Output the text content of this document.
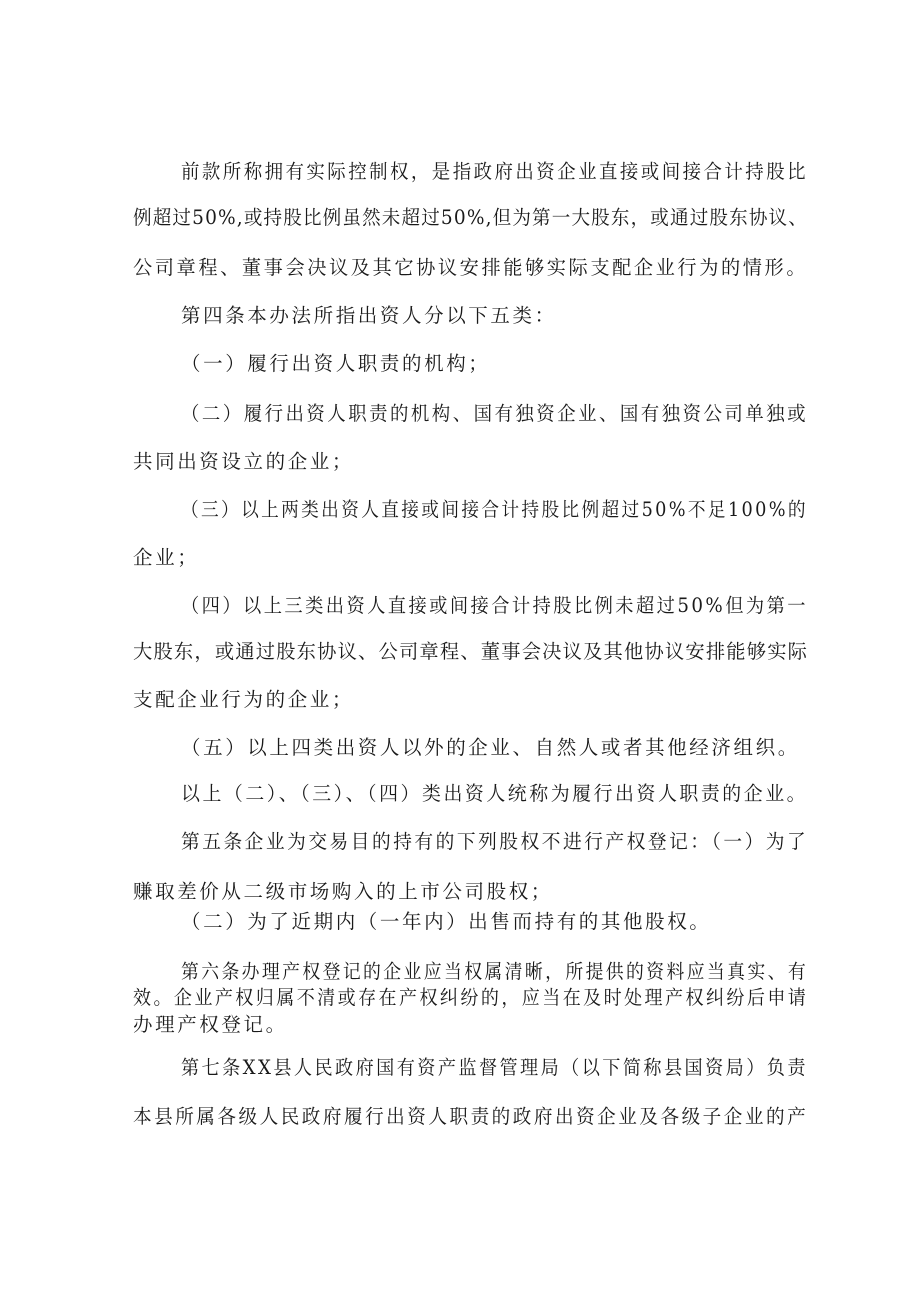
前款所称拥有实际控制权，是指政府出资企业直接或间接合计持股比
例超过50%,或持股比例虽然未超过50%,但为第一大股东，或通过股东协议、
公司章程、董事会决议及其它协议安排能够实际支配企业行为的情形。
第四条本办法所指出资人分以下五类：
（一）履行出资人职责的机构；
（二）履行出资人职责的机构、国有独资企业、国有独资公司单独或
共同出资设立的企业；
（三）以上两类出资人直接或间接合计持股比例超过50%不足100%的
企业；
（四）以上三类出资人直接或间接合计持股比例未超过50%但为第一
大股东，或通过股东协议、公司章程、董事会决议及其他协议安排能够实际
支配企业行为的企业；
（五）以上四类出资人以外的企业、自然人或者其他经济组织。
以上（二）、（三）、（四）类出资人统称为履行出资人职责的企业。
第五条企业为交易目的持有的下列股权不进行产权登记：（一）为了
赚取差价从二级市场购入的上市公司股权；
（二）为了近期内（一年内）出售而持有的其他股权。
第六条办理产权登记的企业应当权属清晰，所提供的资料应当真实、有
效。企业产权归属不清或存在产权纠纷的，应当在及时处理产权纠纷后申请
办理产权登记。
第七条XX县人民政府国有资产监督管理局（以下简称县国资局）负责
本县所属各级人民政府履行出资人职责的政府出资企业及各级子企业的产
